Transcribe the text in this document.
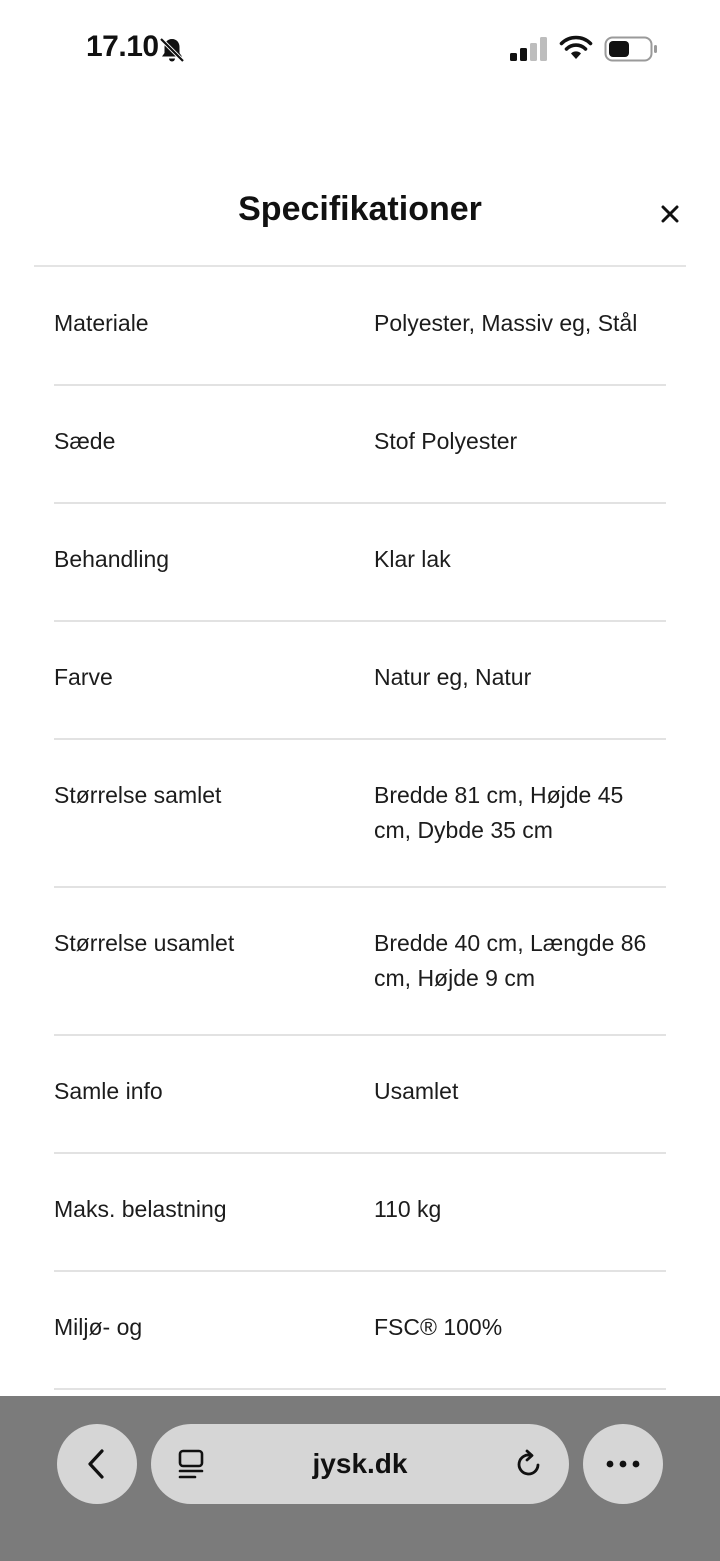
17.10
Specifikationer
Materiale	Polyester, Massiv eg, Stål
Sæde	Stof Polyester
Behandling	Klar lak
Farve	Natur eg, Natur
Størrelse samlet	Bredde 81 cm, Højde 45 cm, Dybde 35 cm
Størrelse usamlet	Bredde 40 cm, Længde 86 cm, Højde 9 cm
Samle info	Usamlet
Maks. belastning	110 kg
Miljø- og	FSC® 100%
jysk.dk
